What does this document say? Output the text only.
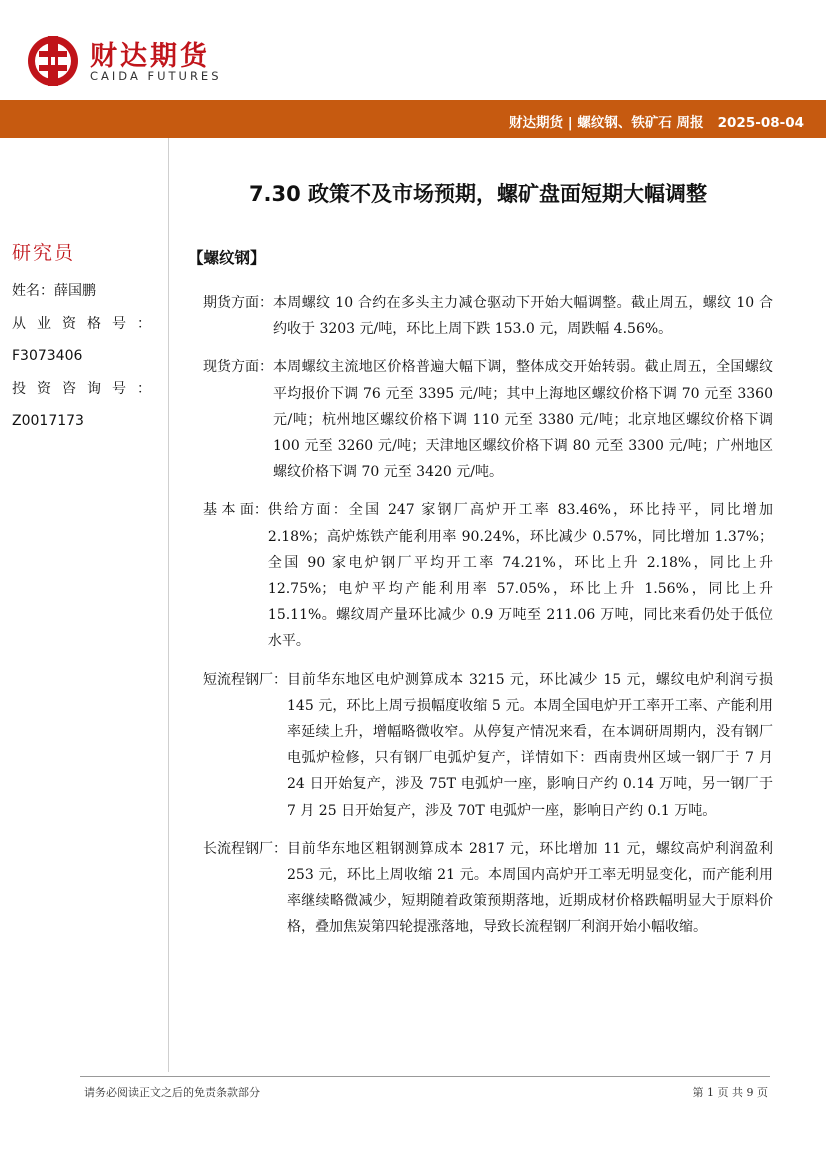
财达期货
CAIDA FUTURES
财达期货 | 螺纹钢、铁矿石 周报   2025-08-04
7.30 政策不及市场预期，螺矿盘面短期大幅调整
研究员
姓名：薛国鹏
从业资格号：
F3073406
投资咨询号：
Z0017173
【螺纹钢】
期货方面： 本周螺纹 10 合约在多头主力减仓驱动下开始大幅调整。截止周五，螺纹 10 合约收于 3203 元/吨，环比上周下跌 153.0 元，周跌幅 4.56%。
现货方面： 本周螺纹主流地区价格普遍大幅下调，整体成交开始转弱。截止周五，全国螺纹平均报价下调 76 元至 3395 元/吨；其中上海地区螺纹价格下调 70 元至 3360 元/吨；杭州地区螺纹价格下调 110 元至 3380 元/吨；北京地区螺纹价格下调 100 元至 3260 元/吨；天津地区螺纹价格下调 80 元至 3300 元/吨；广州地区螺纹价格下调 70 元至 3420 元/吨。
基 本 面： 供给方面：全国 247 家钢厂高炉开工率 83.46%，环比持平，同比增加 2.18%；高炉炼铁产能利用率 90.24%，环比减少 0.57%，同比增加 1.37%；全国 90 家电炉钢厂平均开工率 74.21%，环比上升 2.18%，同比上升 12.75%；电炉平均产能利用率 57.05%，环比上升 1.56%，同比上升 15.11%。螺纹周产量环比减少 0.9 万吨至 211.06 万吨，同比来看仍处于低位水平。
短流程钢厂： 目前华东地区电炉测算成本 3215 元，环比减少 15 元，螺纹电炉利润亏损 145 元，环比上周亏损幅度收缩 5 元。本周全国电炉开工率开工率、产能利用率延续上升，增幅略微收窄。从停复产情况来看，在本调研周期内，没有钢厂电弧炉检修，只有钢厂电弧炉复产，详情如下：西南贵州区域一钢厂于 7 月 24 日开始复产，涉及 75T 电弧炉一座，影响日产约 0.14 万吨，另一钢厂于 7 月 25 日开始复产，涉及 70T 电弧炉一座，影响日产约 0.1 万吨。
长流程钢厂： 目前华东地区粗钢测算成本 2817 元，环比增加 11 元，螺纹高炉利润盈利 253 元，环比上周收缩 21 元。本周国内高炉开工率无明显变化，而产能利用率继续略微减少，短期随着政策预期落地，近期成材价格跌幅明显大于原料价格，叠加焦炭第四轮提涨落地，导致长流程钢厂利润开始小幅收缩。
请务必阅读正文之后的免责条款部分	第 1 页 共 9 页
